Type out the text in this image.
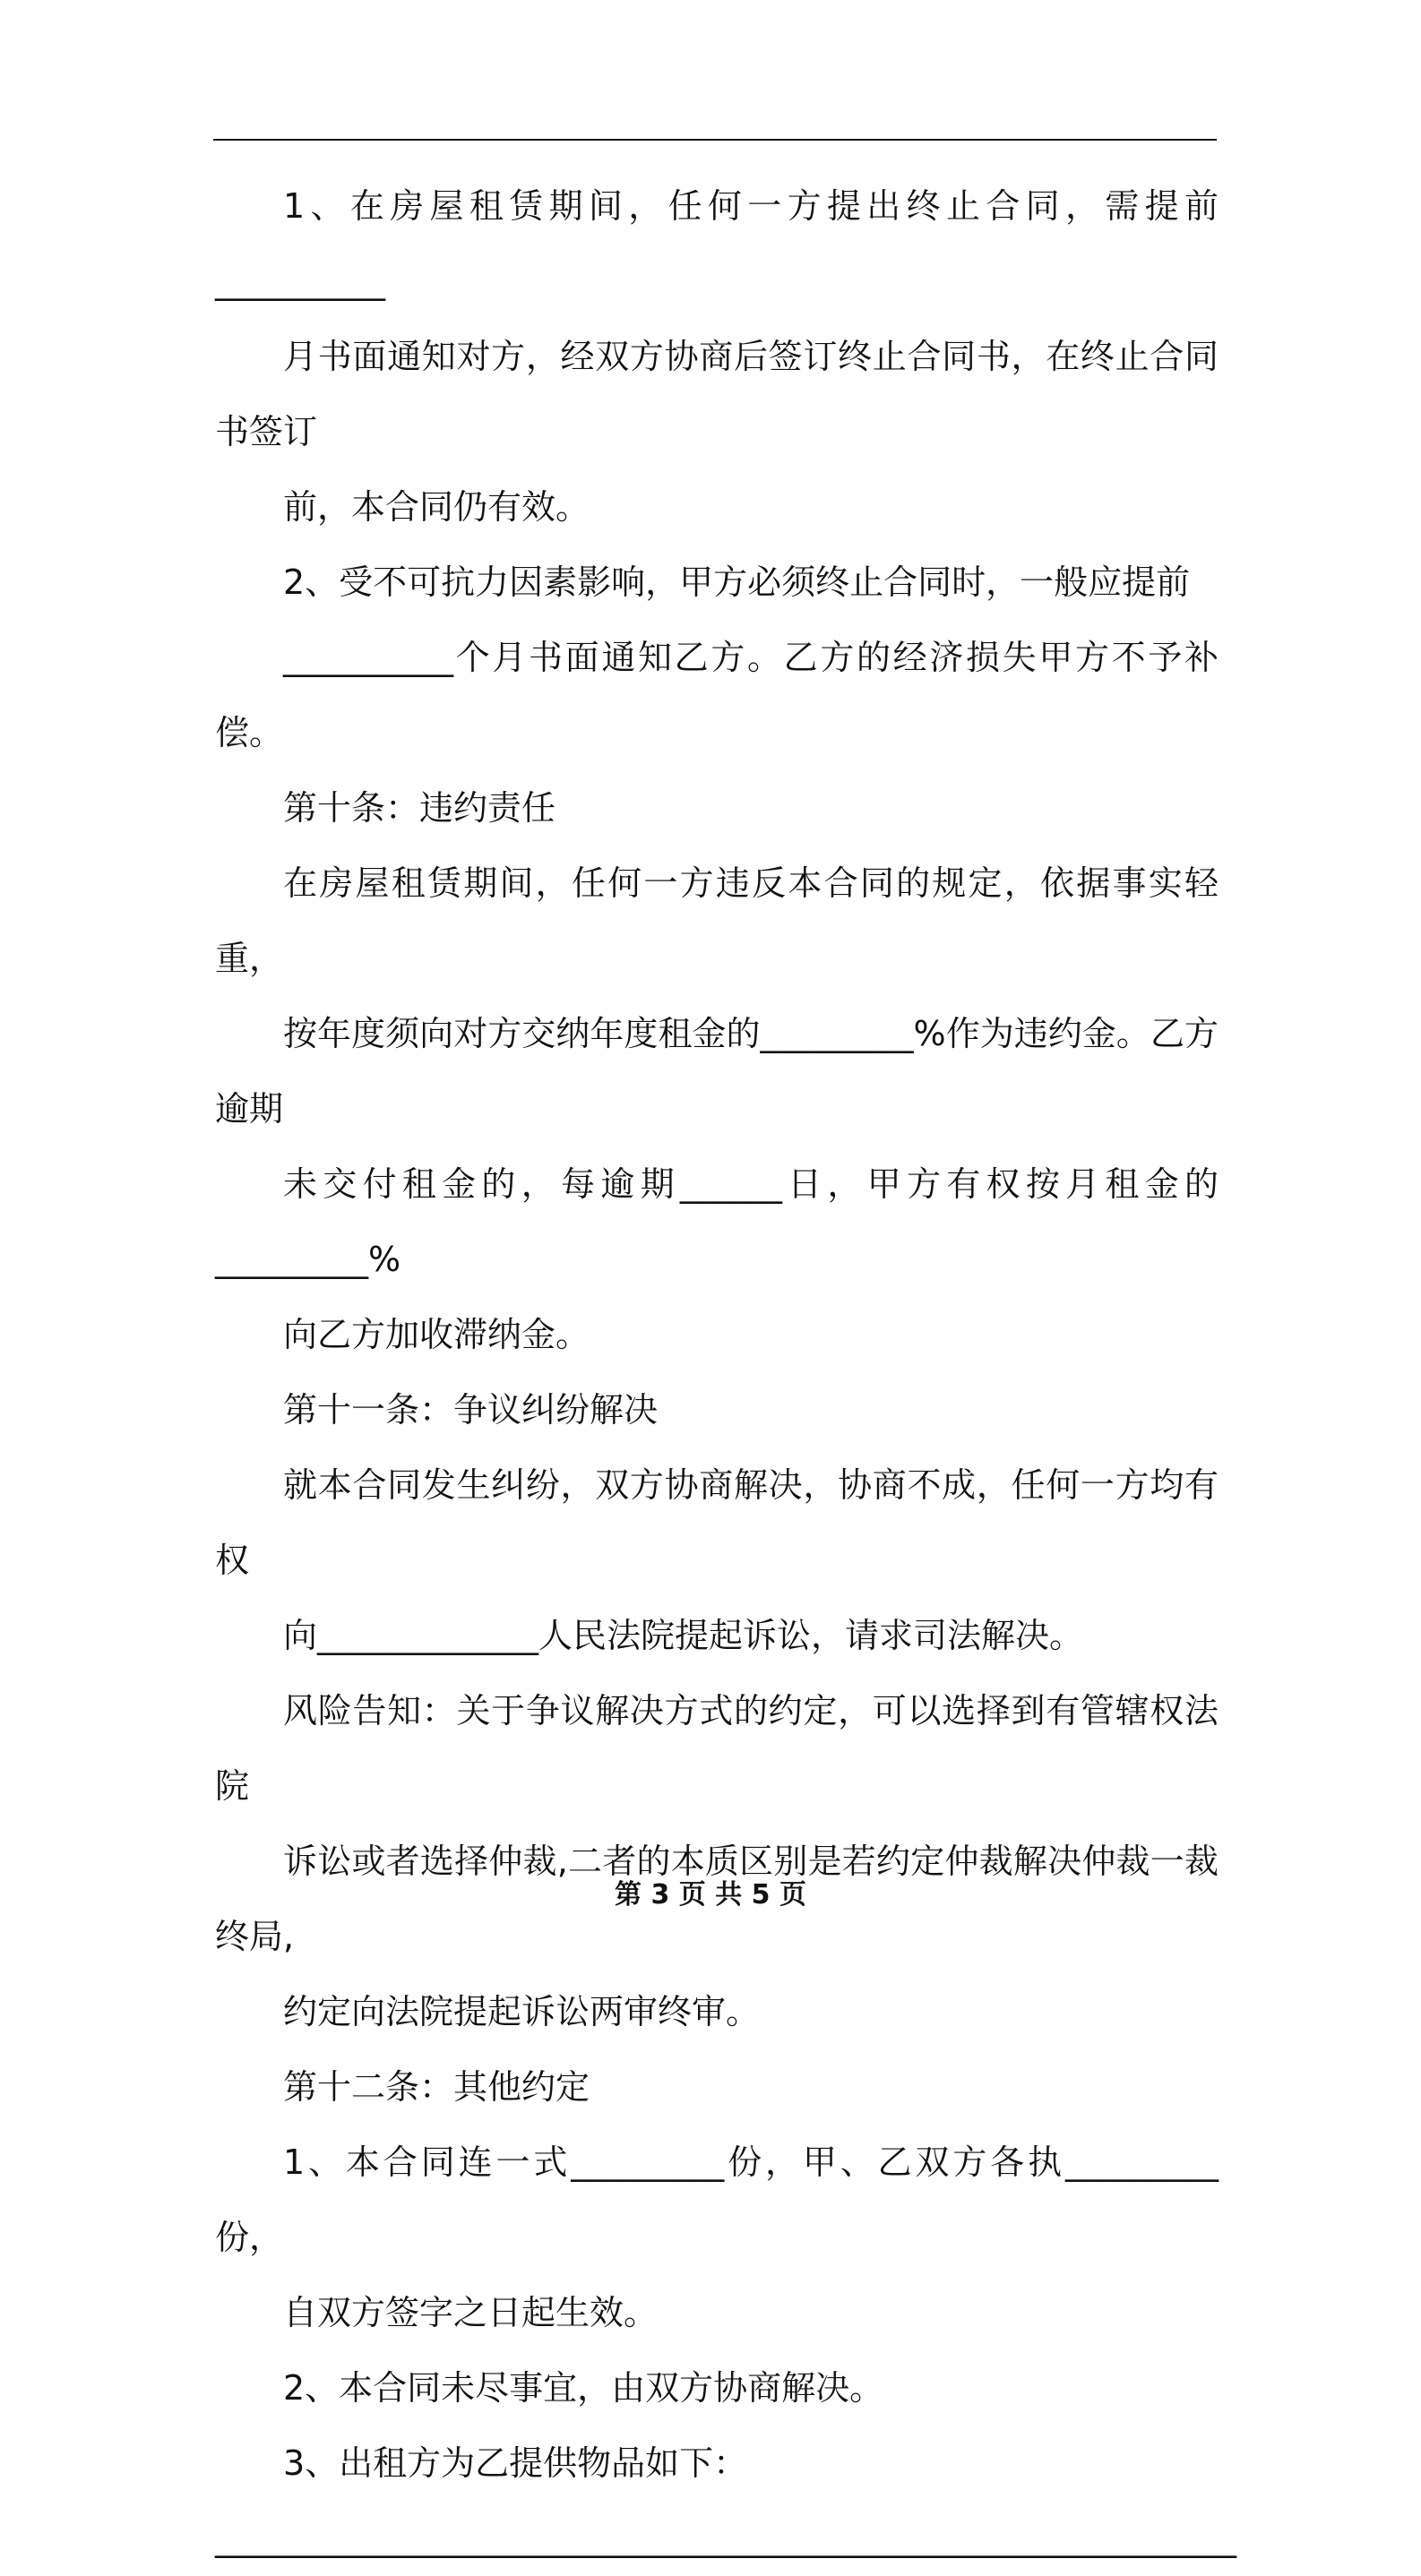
1、在房屋租赁期间，任何一方提出终止合同，需提前__________
月书面通知对方，经双方协商后签订终止合同书，在终止合同书签订
前，本合同仍有效。

2、受不可抗力因素影响，甲方必须终止合同时，一般应提前
__________个月书面通知乙方。乙方的经济损失甲方不予补偿。

第十条：违约责任

在房屋租赁期间，任何一方违反本合同的规定，依据事实轻重，
按年度须向对方交纳年度租金的_________%作为违约金。乙方逾期
未交付租金的，每逾期______日，甲方有权按月租金的_________%
向乙方加收滞纳金。

第十一条：争议纠纷解决

就本合同发生纠纷，双方协商解决，协商不成，任何一方均有权
向_____________人民法院提起诉讼，请求司法解决。

风险告知：关于争议解决方式的约定，可以选择到有管辖权法院
诉讼或者选择仲裁,二者的本质区别是若约定仲裁解决仲裁一裁终局,
约定向法院提起诉讼两审终审。

第十二条：其他约定

1、本合同连一式_________份，甲、乙双方各执_________份，
自双方签字之日起生效。

2、本合同未尽事宜，由双方协商解决。

3、出租方为乙提供物品如下：

____________________________________________________________

第 3 页 共 5 页
